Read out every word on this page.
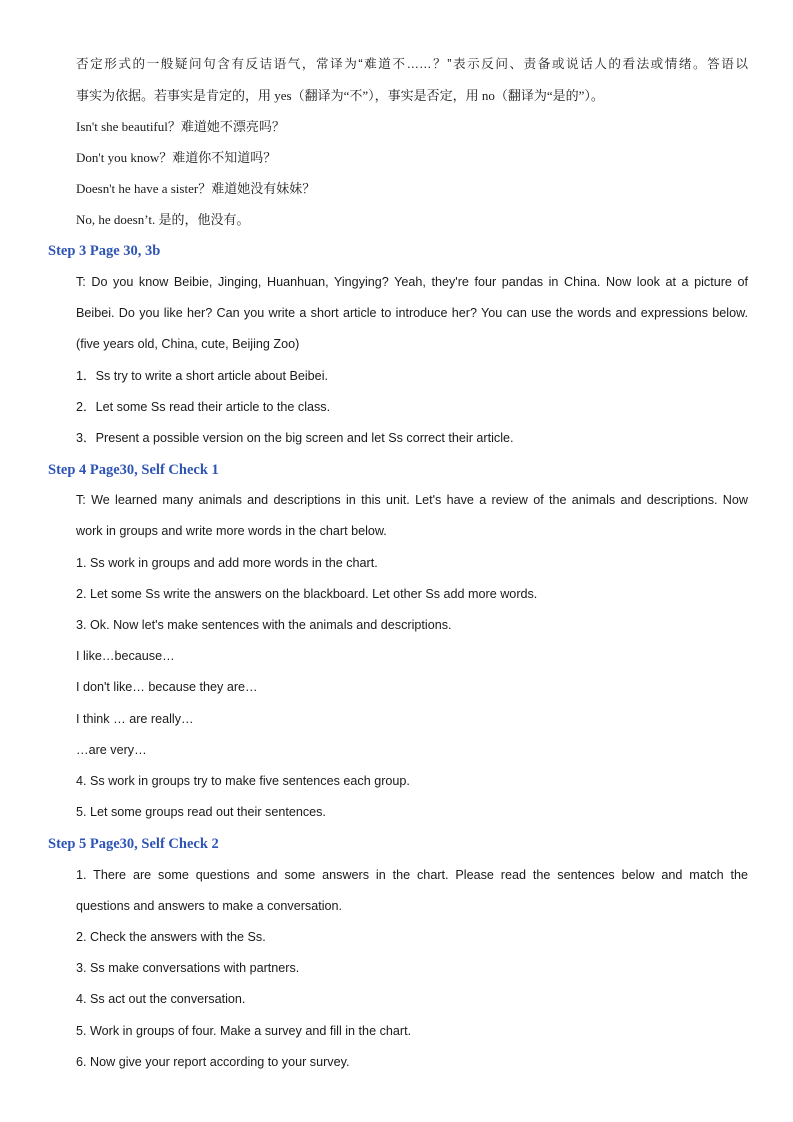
否定形式的一般疑问句含有反诘语气，常译为“难道不……？”表示反问、责备或说话人的看法或情绪。答语以
事实为依据。若事实是肯定的，用 yes（翻译为“不”），事实是否定，用 no（翻译为“是的”）。
Isn't she beautiful？难道她不漂亮吗？
Don't you know？难道你不知道吗？
Doesn't he have a sister？难道她没有妹妹？
No, he doesn’t. 是的，他没有。
Step 3 Page 30, 3b
T: Do you know Beibie, Jinging, Huanhuan, Yingying? Yeah, they're four pandas in China. Now look at a picture of
Beibei. Do you like her? Can you write a short article to introduce her? You can use the words and expressions below.
(five years old, China, cute, Beijing Zoo)
1．Ss try to write a short article about Beibei.
2．Let some Ss read their article to the class.
3．Present a possible version on the big screen and let Ss correct their article.
Step 4 Page30, Self Check 1
T: We learned many animals and descriptions in this unit. Let's have a review of the animals and descriptions. Now
work in groups and write more words in the chart below.
1. Ss work in groups and add more words in the chart.
2. Let some Ss write the answers on the blackboard. Let other Ss add more words.
3. Ok. Now let's make sentences with the animals and descriptions.
I like…because…
I don't like… because they are…
I think … are really…
…are very…
4. Ss work in groups try to make five sentences each group.
5. Let some groups read out their sentences.
Step 5 Page30, Self Check 2
1. There are some questions and some answers in the chart. Please read the sentences below and match the
questions and answers to make a conversation.
2. Check the answers with the Ss.
3. Ss make conversations with partners.
4. Ss act out the conversation.
5. Work in groups of four. Make a survey and fill in the chart.
6. Now give your report according to your survey.
